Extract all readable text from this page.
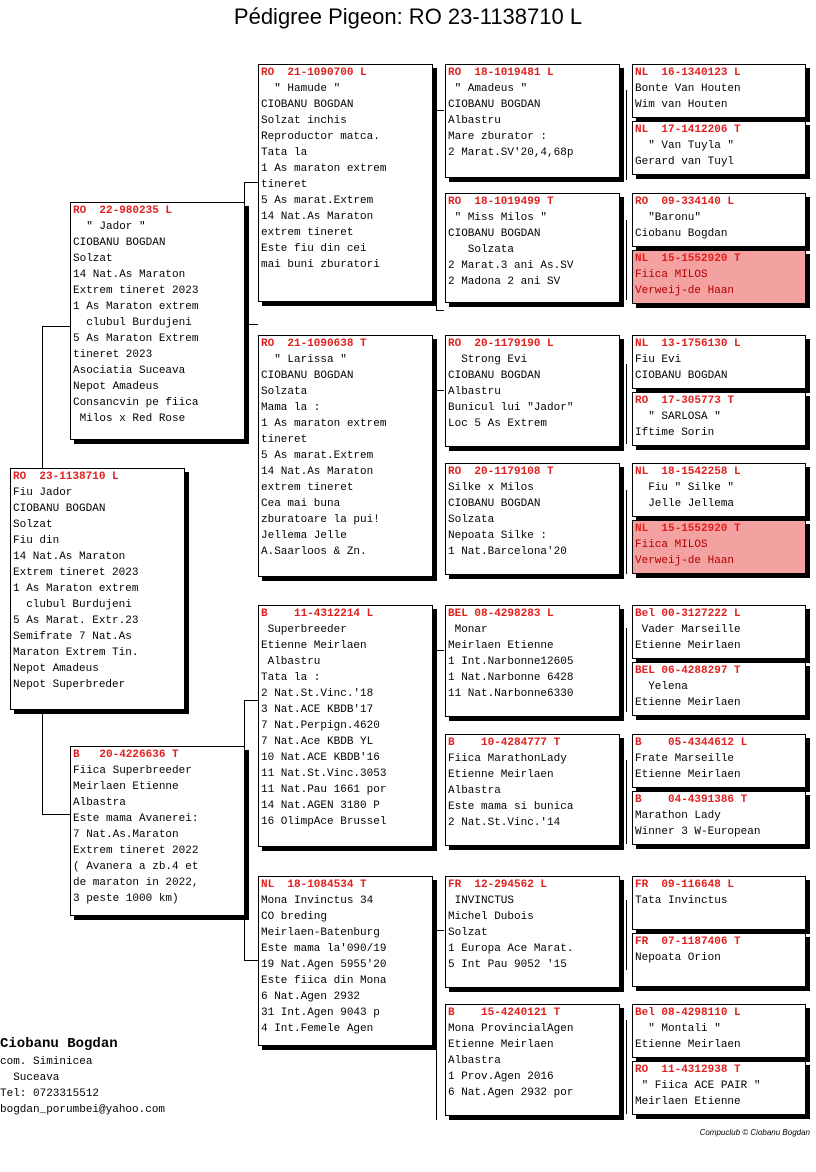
Pédigree Pigeon: RO 23-1138710 L
RO  23-1138710 L
Fiu Jador
CIOBANU BOGDAN
Solzat
Fiu din
14 Nat.As Maraton
Extrem tineret 2023
1 As Maraton extrem
clubul Burdujeni
5 As Marat. Extr.23
Semifrate 7 Nat.As
Maraton Extrem Tin.
Nepot Amadeus
Nepot Superbreder
RO  22-980235 L
" Jador "
CIOBANU BOGDAN
Solzat
14 Nat.As Maraton
Extrem tineret 2023
1 As Maraton extrem
clubul Burdujeni
5 As Maraton Extrem
tineret 2023
Asociatia Suceava
Nepot Amadeus
Consancvin pe fiica
Milos x Red Rose
B   20-4226636 T
Fiica Superbreeder
Meirlaen Etienne
Albastra
Este mama Avanerei:
7 Nat.As.Maraton
Extrem tineret 2022
( Avanera a zb.4 et
de maraton in 2022,
3 peste 1000 km)
RO  21-1090700 L
" Hamude "
CIOBANU BOGDAN
Solzat inchis
Reproductor matca.
Tata la
1 As maraton extrem
tineret
5 As marat.Extrem
14 Nat.As Maraton
extrem tineret
Este fiu din cei
mai buni zburatori
RO  21-1090638 T
" Larissa "
CIOBANU BOGDAN
Solzata
Mama la :
1 As maraton extrem
tineret
5 As marat.Extrem
14 Nat.As Maraton
extrem tineret
Cea mai buna
zburatoare la pui!
Jellema Jelle
A.Saarloos & Zn.
B    11-4312214 L
Superbreeder
Etienne Meirlaen
Albastru
Tata la :
2 Nat.St.Vinc.'18
3 Nat.ACE KBDB'17
7 Nat.Perpign.4620
7 Nat.Ace KBDB YL
10 Nat.ACE KBDB'16
11 Nat.St.Vinc.3053
11 Nat.Pau 1661 por
14 Nat.AGEN 3180 P
16 OlimpAce Brussel
NL  18-1084534 T
Mona Invinctus 34
CO breding
Meirlaen-Batenburg
Este mama la'090/19
19 Nat.Agen 5955'20
Este fiica din Mona
6 Nat.Agen 2932
31 Int.Agen 9043 p
4 Int.Femele Agen
RO  18-1019481 L
" Amadeus "
CIOBANU BOGDAN
Albastru
Mare zburator :
2 Marat.SV'20,4,68p
RO  18-1019499 T
" Miss Milos "
CIOBANU BOGDAN
Solzata
2 Marat.3 ani As.SV
2 Madona 2 ani SV
RO  20-1179190 L
Strong Evi
CIOBANU BOGDAN
Albastru
Bunicul lui "Jador"
Loc 5 As Extrem
RO  20-1179108 T
Silke x Milos
CIOBANU BOGDAN
Solzata
Nepoata Silke :
1 Nat.Barcelona'20
BEL 08-4298283 L
Monar
Meirlaen Etienne
1 Int.Narbonne12605
1 Nat.Narbonne 6428
11 Nat.Narbonne6330
B    10-4284777 T
Fiica MarathonLady
Etienne Meirlaen
Albastra
Este mama si bunica
2 Nat.St.Vinc.'14
FR  12-294562 L
INVINCTUS
Michel Dubois
Solzat
1 Europa Ace Marat.
5 Int Pau 9052 '15
B    15-4240121 T
Mona ProvincialAgen
Etienne Meirlaen
Albastra
1 Prov.Agen 2016
6 Nat.Agen 2932 por
NL  16-1340123 L
Bonte Van Houten
Wim van Houten
NL  17-1412206 T
" Van Tuyla "
Gerard van Tuyl
RO  09-334140 L
"Baronu"
Ciobanu Bogdan
NL  15-1552920 T
Fiica MILOS
Verweij-de Haan
NL  13-1756130 L
Fiu Evi
CIOBANU BOGDAN
RO  17-305773 T
" SARLOSA "
Iftime Sorin
NL  18-1542258 L
Fiu " Silke "
Jelle Jellema
NL  15-1552920 T
Fiica MILOS
Verweij-de Haan
Bel 00-3127222 L
Vader Marseille
Etienne Meirlaen
BEL 06-4288297 T
Yelena
Etienne Meirlaen
B    05-4344612 L
Frate Marseille
Etienne Meirlaen
B    04-4391386 T
Marathon Lady
Winner 3 W-European
FR  09-116648 L
Tata Invinctus
FR  07-1187406 T
Nepoata Orion
Bel 08-4298110 L
" Montali "
Etienne Meirlaen
RO  11-4312938 T
" Fiica ACE PAIR "
Meirlaen Etienne
Ciobanu Bogdan
com. Siminicea
Suceava
Tel: 0723315512
bogdan_porumbei@yahoo.com
Compuclub © Ciobanu Bogdan
